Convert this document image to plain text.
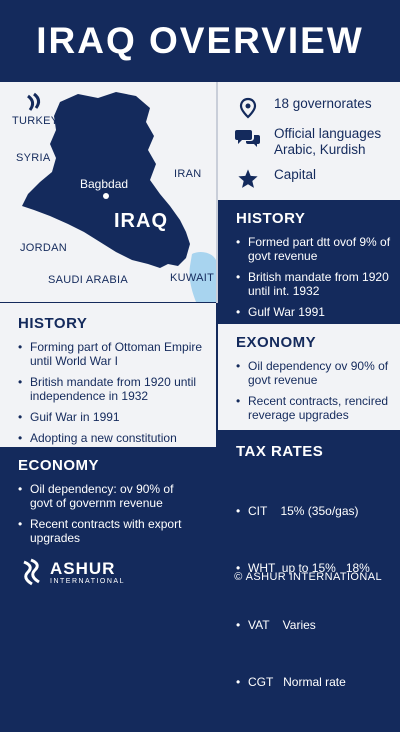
IRAQ OVERVIEW
TURKEY
SYRIA
IRAN
JORDAN
SAUDI ARABIA	KUWAIT
Bagbdad
IRAQ
18 governorates
Official languages Arabic, Kurdish
Capital
HISTORY
• Formed part dtt ovof 9% of govt revenue
• British mandate from 1920 until int. 1932
• Gulf War 1991
HISTORY
• Forming part of Ottoman Empire until World War I
• British mandate from 1920 until independence in 1932
• Guif War in 1991
• Adopting a new constitution
EXONOMY
• Oil dependency ov 90% of govt revenue
• Recent contracts, rencired reverage upgrades
ECONOMY
• Oil dependency: ov 90% of govt of governm revenue
• Recent contracts with export upgrades
TAX RATES

• CIT    15% (35o/gas)

• WHT  up to 15%   18%

• VAT    Varies

• CGT   Normal rate

ASHUR
INTERNATIONAL	© ASHUR INTERNATIONAL
